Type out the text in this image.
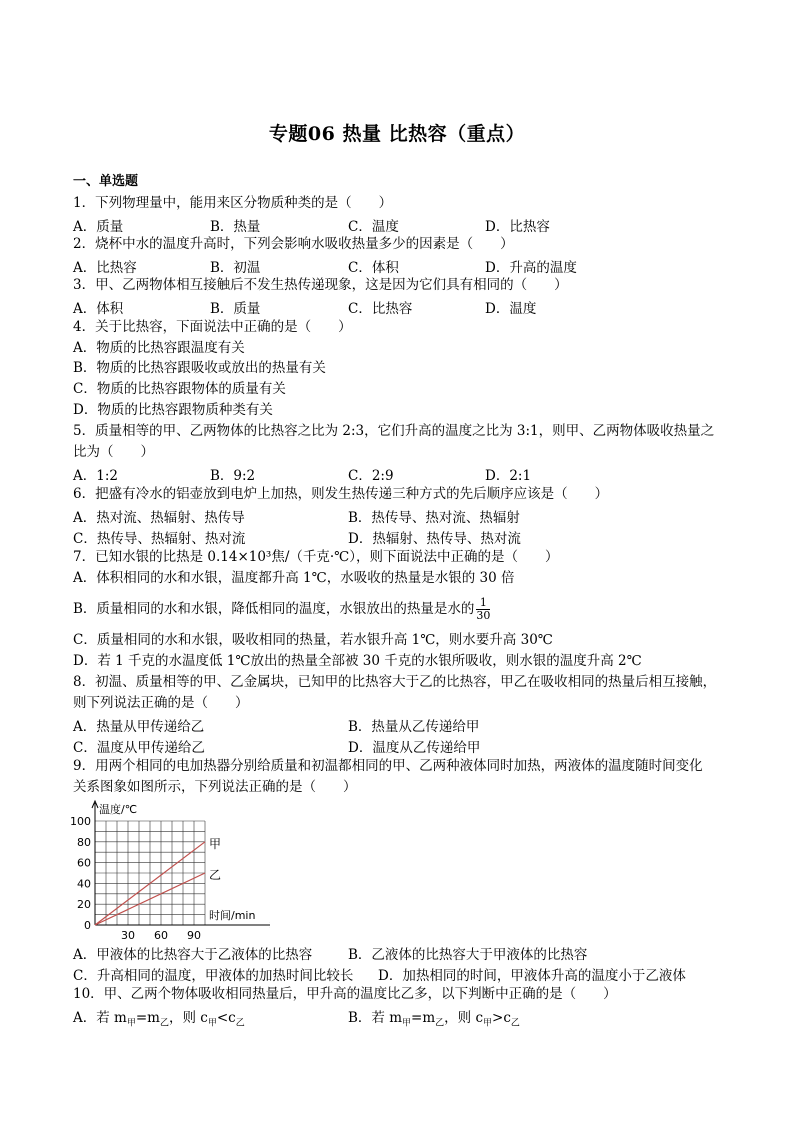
专题06 热量 比热容（重点）
一、单选题
1．下列物理量中，能用来区分物质种类的是（　　）
A．质量	B．热量	C．温度	D．比热容
2．烧杯中水的温度升高时，下列会影响水吸收热量多少的因素是（　　）
A．比热容	B．初温	C．体积	D．升高的温度
3．甲、乙两物体相互接触后不发生热传递现象，这是因为它们具有相同的（　　）
A．体积	B．质量	C．比热容	D．温度
4．关于比热容，下面说法中正确的是（　　）
A．物质的比热容跟温度有关
B．物质的比热容跟吸收或放出的热量有关
C．物质的比热容跟物体的质量有关
D．物质的比热容跟物质种类有关
5．质量相等的甲、乙两物体的比热容之比为 2:3，它们升高的温度之比为 3:1，则甲、乙两物体吸收热量之
比为（　　）
A．1:2	B．9:2	C．2:9	D．2:1
6．把盛有冷水的铝壶放到电炉上加热，则发生热传递三种方式的先后顺序应该是（　　）
A．热对流、热辐射、热传导	B．热传导、热对流、热辐射
C．热传导、热辐射、热对流	D．热辐射、热传导、热对流
7．已知水银的比热是 0.14×10³焦/（千克·℃），则下面说法中正确的是（　　）
A．体积相同的水和水银，温度都升高 1℃，水吸收的热量是水银的 30 倍
B．质量相同的水和水银，降低相同的温度，水银放出的热量是水的 $\frac{1}{30}$
C．质量相同的水和水银，吸收相同的热量，若水银升高 1℃，则水要升高 30℃
D．若 1 千克的水温度低 1℃放出的热量全部被 30 千克的水银所吸收，则水银的温度升高 2℃
8．初温、质量相等的甲、乙金属块，已知甲的比热容大于乙的比热容，甲乙在吸收相同的热量后相互接触，
则下列说法正确的是（　　）
A．热量从甲传递给乙	B．热量从乙传递给甲
C．温度从甲传递给乙	D．温度从乙传递给甲
9．用两个相同的电加热器分别给质量和初温都相同的甲、乙两种液体同时加热，两液体的温度随时间变化
关系图象如图所示，下列说法正确的是（　　）
100
80
60
40
20
0
30 60 90
温度/℃
时间/min
甲
乙
A．甲液体的比热容大于乙液体的比热容	B．乙液体的比热容大于甲液体的比热容
C．升高相同的温度，甲液体的加热时间比较长 D．加热相同的时间，甲液体升高的温度小于乙液体
10．甲、乙两个物体吸收相同热量后，甲升高的温度比乙多，以下判断中正确的是（　　）
A．若 $m_甲=m_乙$，则 $c_甲<c_乙$	B．若 $m_甲=m_乙$，则 $c_甲>c_乙$
